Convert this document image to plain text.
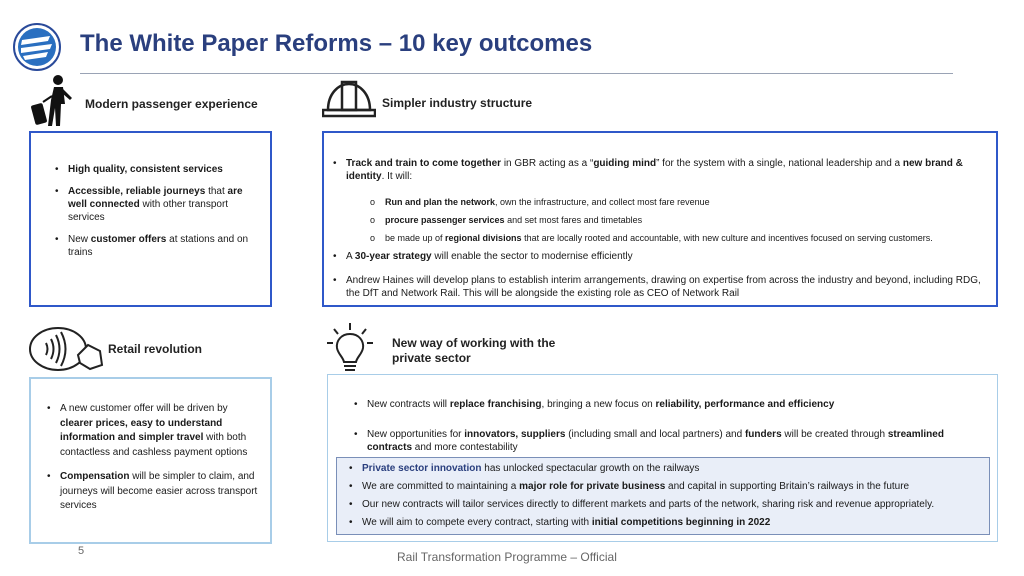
The White Paper Reforms – 10 key outcomes
Modern passenger experience
• High quality, consistent services
• Accessible, reliable journeys that are well connected with other transport services
• New customer offers at stations and on trains
Simpler industry structure
• Track and train to come together in GBR acting as a “guiding mind” for the system with a single, national leadership and a new brand & identity. It will:
o Run and plan the network, own the infrastructure, and collect most fare revenue
o procure passenger services and set most fares and timetables
o be made up of regional divisions that are locally rooted and accountable, with new culture and incentives focused on serving customers.
• A 30-year strategy will enable the sector to modernise efficiently
• Andrew Haines will develop plans to establish interim arrangements, drawing on expertise from across the industry and beyond, including RDG, the DfT and Network Rail. This will be alongside the existing role as CEO of Network Rail
Retail revolution
• A new customer offer will be driven by clearer prices, easy to understand information and simpler travel with both contactless and cashless payment options
• Compensation will be simpler to claim, and journeys will become easier across transport services
New way of working with the
private sector
• New contracts will replace franchising, bringing a new focus on reliability, performance and efficiency
• New opportunities for innovators, suppliers (including small and local partners) and funders will be created through streamlined contracts and more contestability
• Private sector innovation has unlocked spectacular growth on the railways
• We are committed to maintaining a major role for private business and capital in supporting Britain’s railways in the future
• Our new contracts will tailor services directly to different markets and parts of the network, sharing risk and revenue appropriately.
• We will aim to compete every contract, starting with initial competitions beginning in 2022
5	Rail Transformation Programme – Official
